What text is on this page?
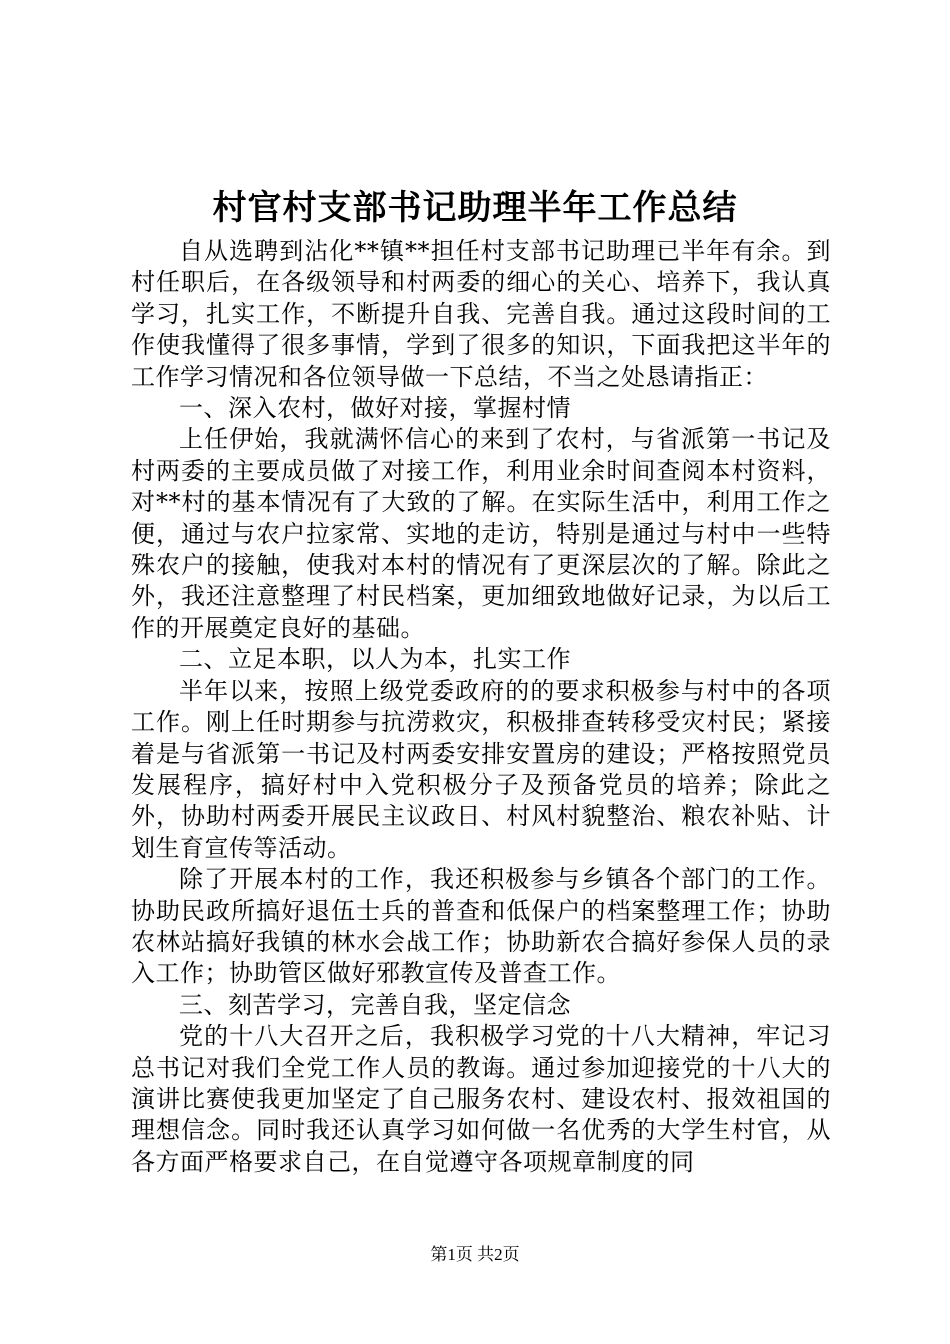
村官村支部书记助理半年工作总结

自从选聘到沾化**镇**担任村支部书记助理已半年有余。到村任职后，在各级领导和村两委的细心的关心、培养下，我认真学习，扎实工作，不断提升自我、完善自我。通过这段时间的工作使我懂得了很多事情，学到了很多的知识，下面我把这半年的工作学习情况和各位领导做一下总结，不当之处恳请指正：

一、深入农村，做好对接，掌握村情

上任伊始，我就满怀信心的来到了农村，与省派第一书记及村两委的主要成员做了对接工作，利用业余时间查阅本村资料，对**村的基本情况有了大致的了解。在实际生活中，利用工作之便，通过与农户拉家常、实地的走访，特别是通过与村中一些特殊农户的接触，使我对本村的情况有了更深层次的了解。除此之外，我还注意整理了村民档案，更加细致地做好记录，为以后工作的开展奠定良好的基础。

二、立足本职，以人为本，扎实工作

半年以来，按照上级党委政府的的要求积极参与村中的各项工作。刚上任时期参与抗涝救灾，积极排查转移受灾村民；紧接着是与省派第一书记及村两委安排安置房的建设；严格按照党员发展程序，搞好村中入党积极分子及预备党员的培养；除此之外，协助村两委开展民主议政日、村风村貌整治、粮农补贴、计划生育宣传等活动。

除了开展本村的工作，我还积极参与乡镇各个部门的工作。协助民政所搞好退伍士兵的普查和低保户的档案整理工作；协助农林站搞好我镇的林水会战工作；协助新农合搞好参保人员的录入工作；协助管区做好邪教宣传及普查工作。

三、刻苦学习，完善自我，坚定信念

党的十八大召开之后，我积极学习党的十八大精神，牢记习总书记对我们全党工作人员的教诲。通过参加迎接党的十八大的演讲比赛使我更加坚定了自己服务农村、建设农村、报效祖国的理想信念。同时我还认真学习如何做一名优秀的大学生村官，从各方面严格要求自己，在自觉遵守各项规章制度的同

第1页 共2页
